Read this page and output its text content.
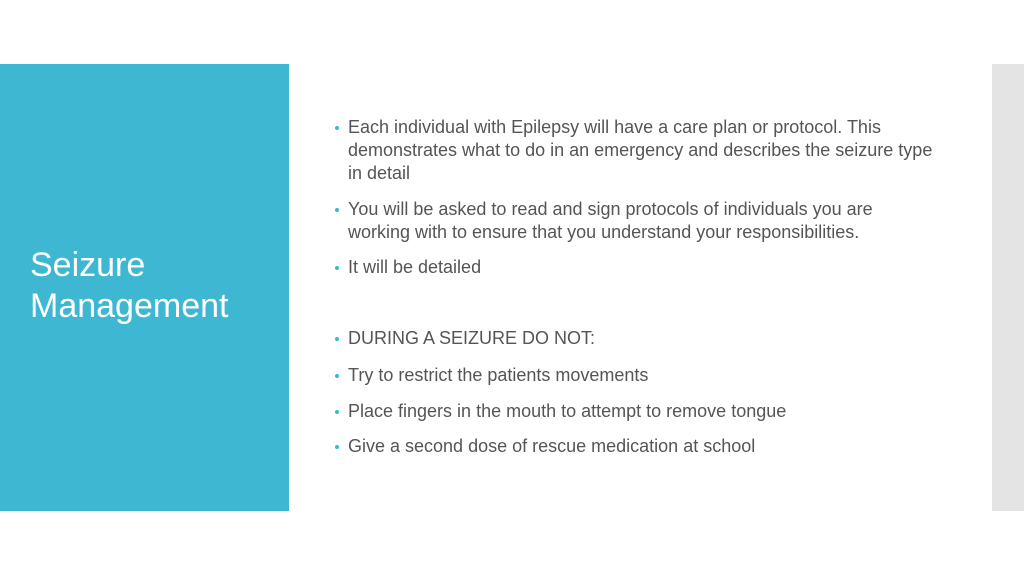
Seizure Management
Each individual with Epilepsy will have a care plan or protocol. This demonstrates what to do in an emergency and describes the seizure type in detail
You will be asked to read and sign protocols of individuals you are working with to ensure that you understand your responsibilities.
It will be detailed
DURING A SEIZURE DO NOT:
Try to restrict the patients movements
Place fingers in the mouth to attempt to remove tongue
Give a second dose of rescue medication at school
